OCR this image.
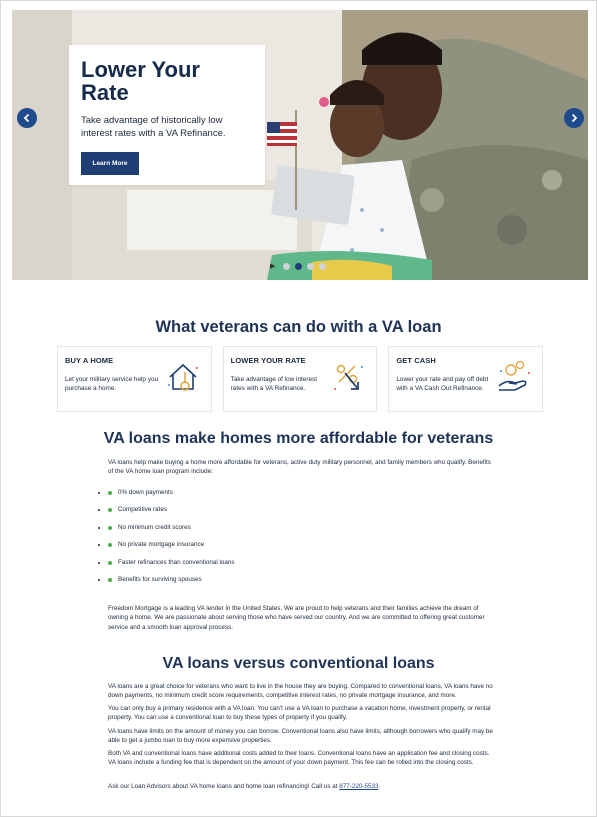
Lower Your Rate

Take advantage of historically low interest rates with a VA Refinance.

Learn More
▶
What veterans can do with a VA loan
BUY A HOME
Let your military service help you purchase a home.
LOWER YOUR RATE
Take advantage of low interest rates with a VA Refinance.
GET CASH
Lower your rate and pay off debt with a VA Cash Out Refinance.
VA loans make homes more affordable for veterans

VA loans help make buying a home more affordable for veterans, active duty military personnel, and family members who qualify. Benefits of the VA home loan program include:

• 0% down payments
• Competitive rates
• No minimum credit scores
• No private mortgage insurance
• Faster refinances than conventional loans
• Benefits for surviving spouses

Freedom Mortgage is a leading VA lender in the United States. We are proud to help veterans and their families achieve the dream of owning a home. We are passionate about serving those who have served our country. And we are committed to offering great customer service and a smooth loan approval process.

VA loans versus conventional loans

VA loans are a great choice for veterans who want to live in the house they are buying. Compared to conventional loans, VA loans have no down payments, no minimum credit score requirements, competitive interest rates, no private mortgage insurance, and more.

You can only buy a primary residence with a VA loan. You can't use a VA loan to purchase a vacation home, investment property, or rental property. You can use a conventional loan to buy these types of property if you qualify.

VA loans have limits on the amount of money you can borrow. Conventional loans also have limits, although borrowers who qualify may be able to get a jumbo loan to buy more expensive properties.

Both VA and conventional loans have additional costs added to their loans. Conventional loans have an application fee and closing costs. VA loans include a funding fee that is dependent on the amount of your down payment. This fee can be rolled into the closing costs.

Ask our Loan Advisors about VA home loans and home loan refinancing! Call us at 877-220-5533.
